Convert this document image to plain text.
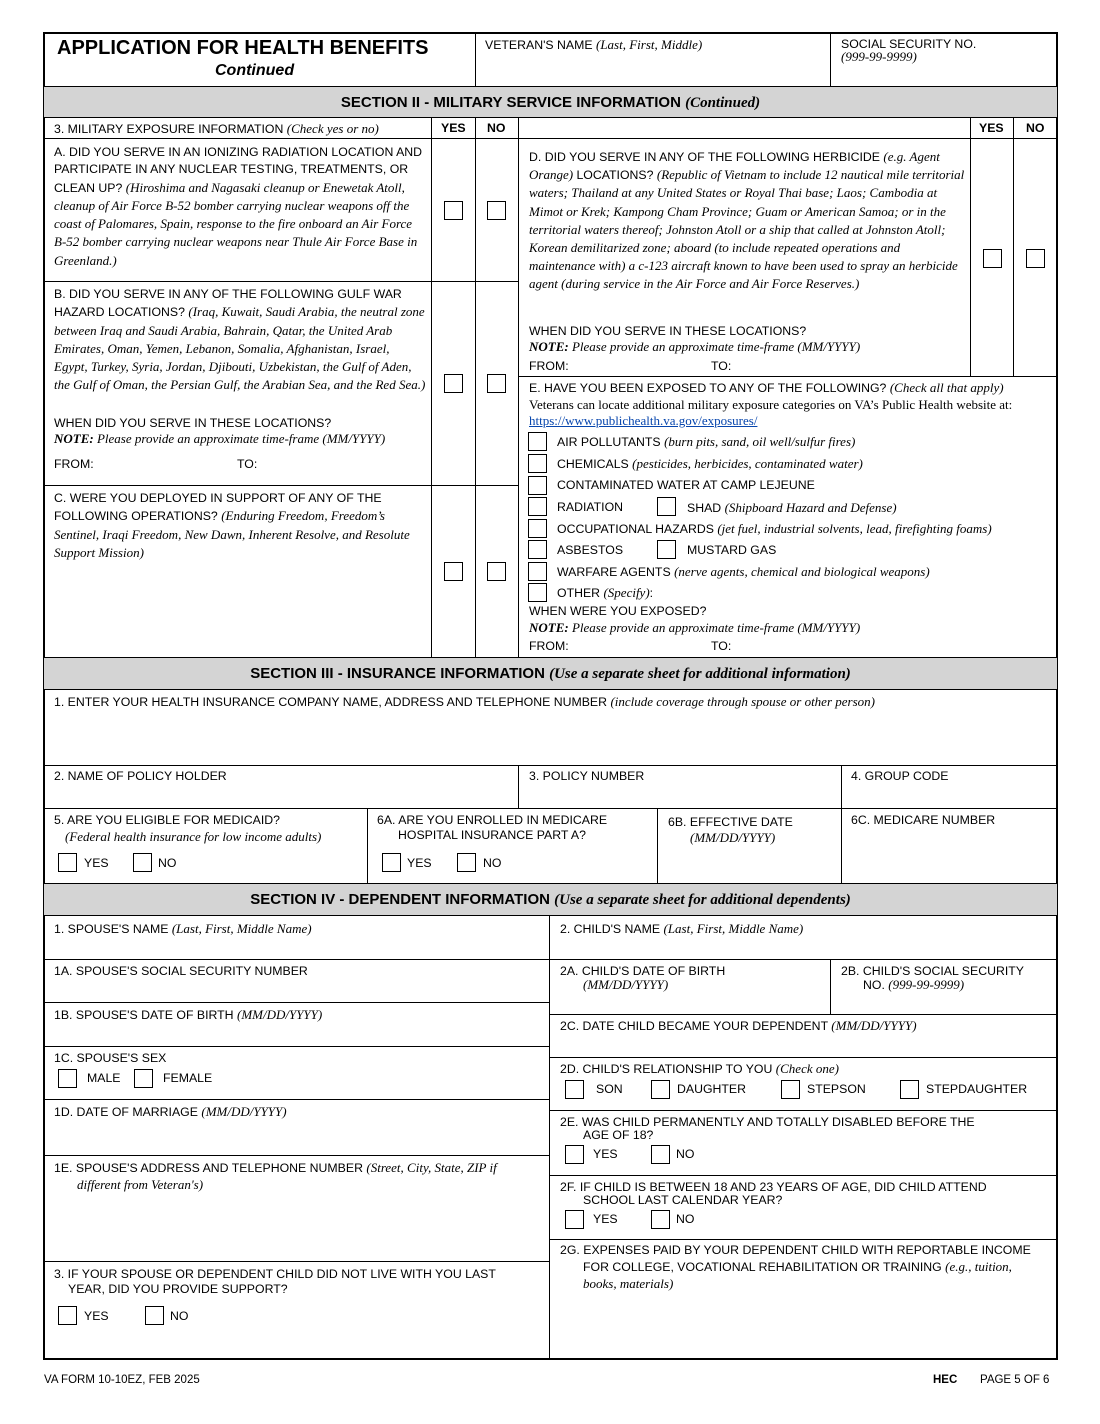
APPLICATION FOR HEALTH BENEFITS
Continued
VETERAN'S NAME (Last, First, Middle)	SOCIAL SECURITY NO.
(999-99-9999)
SECTION II - MILITARY SERVICE INFORMATION (Continued)
3. MILITARY EXPOSURE INFORMATION (Check yes or no)	YES NO	YES NO
A. DID YOU SERVE IN AN IONIZING RADIATION LOCATION AND PARTICIPATE IN ANY NUCLEAR TESTING, TREATMENTS, OR CLEAN UP? (Hiroshima and Nagasaki cleanup or Enewetak Atoll, cleanup of Air Force B-52 bomber carrying nuclear weapons off the coast of Palomares, Spain, response to the fire onboard an Air Force B-52 bomber carrying nuclear weapons near Thule Air Force Base in Greenland.)
B. DID YOU SERVE IN ANY OF THE FOLLOWING GULF WAR HAZARD LOCATIONS? (Iraq, Kuwait, Saudi Arabia, the neutral zone between Iraq and Saudi Arabia, Bahrain, Qatar, the United Arab Emirates, Oman, Yemen, Lebanon, Somalia, Afghanistan, Israel, Egypt, Turkey, Syria, Jordan, Djibouti, Uzbekistan, the Gulf of Aden, the Gulf of Oman, the Persian Gulf, the Arabian Sea, and the Red Sea.)
WHEN DID YOU SERVE IN THESE LOCATIONS?
NOTE: Please provide an approximate time-frame (MM/YYYY)
FROM:	TO:
C. WERE YOU DEPLOYED IN SUPPORT OF ANY OF THE FOLLOWING OPERATIONS? (Enduring Freedom, Freedom’s Sentinel, Iraqi Freedom, New Dawn, Inherent Resolve, and Resolute Support Mission)
D. DID YOU SERVE IN ANY OF THE FOLLOWING HERBICIDE (e.g. Agent Orange) LOCATIONS? (Republic of Vietnam to include 12 nautical mile territorial waters; Thailand at any United States or Royal Thai base; Laos; Cambodia at Mimot or Krek; Kampong Cham Province; Guam or American Samoa; or in the territorial waters thereof; Johnston Atoll or a ship that called at Johnston Atoll; Korean demilitarized zone; aboard (to include repeated operations and maintenance with) a c-123 aircraft known to have been used to spray an herbicide agent (during service in the Air Force and Air Force Reserves.)
WHEN DID YOU SERVE IN THESE LOCATIONS?
NOTE: Please provide an approximate time-frame (MM/YYYY)
FROM:	TO:
E. HAVE YOU BEEN EXPOSED TO ANY OF THE FOLLOWING? (Check all that apply)
Veterans can locate additional military exposure categories on VA’s Public Health website at: https://www.publichealth.va.gov/exposures/
AIR POLLUTANTS (burn pits, sand, oil well/sulfur fires)
CHEMICALS (pesticides, herbicides, contaminated water)
CONTAMINATED WATER AT CAMP LEJEUNE
RADIATION	SHAD (Shipboard Hazard and Defense)
OCCUPATIONAL HAZARDS (jet fuel, industrial solvents, lead, firefighting foams)
ASBESTOS	MUSTARD GAS
WARFARE AGENTS (nerve agents, chemical and biological weapons)
OTHER (Specify):
WHEN WERE YOU EXPOSED?
NOTE: Please provide an approximate time-frame (MM/YYYY)
FROM:	TO:
SECTION III - INSURANCE INFORMATION (Use a separate sheet for additional information)
1. ENTER YOUR HEALTH INSURANCE COMPANY NAME, ADDRESS AND TELEPHONE NUMBER (include coverage through spouse or other person)
2. NAME OF POLICY HOLDER	3. POLICY NUMBER	4. GROUP CODE
5. ARE YOU ELIGIBLE FOR MEDICAID?
(Federal health insurance for low income adults)
YES	NO
6A. ARE YOU ENROLLED IN MEDICARE
HOSPITAL INSURANCE PART A?
YES	NO
6B. EFFECTIVE DATE
(MM/DD/YYYY)
6C. MEDICARE NUMBER
SECTION IV - DEPENDENT INFORMATION (Use a separate sheet for additional dependents)
1. SPOUSE'S NAME (Last, First, Middle Name)
1A. SPOUSE'S SOCIAL SECURITY NUMBER
1B. SPOUSE'S DATE OF BIRTH (MM/DD/YYYY)
1C. SPOUSE'S SEX
MALE	FEMALE
1D. DATE OF MARRIAGE (MM/DD/YYYY)
1E. SPOUSE'S ADDRESS AND TELEPHONE NUMBER (Street, City, State, ZIP if
different from Veteran's)
3. IF YOUR SPOUSE OR DEPENDENT CHILD DID NOT LIVE WITH YOU LAST
YEAR, DID YOU PROVIDE SUPPORT?
YES	NO
2. CHILD'S NAME (Last, First, Middle Name)
2A. CHILD'S DATE OF BIRTH
(MM/DD/YYYY)
2B. CHILD'S SOCIAL SECURITY
NO. (999-99-9999)
2C. DATE CHILD BECAME YOUR DEPENDENT (MM/DD/YYYY)
2D. CHILD'S RELATIONSHIP TO YOU (Check one)
SON	DAUGHTER	STEPSON	STEPDAUGHTER
2E. WAS CHILD PERMANENTLY AND TOTALLY DISABLED BEFORE THE
AGE OF 18?
YES	NO
2F. IF CHILD IS BETWEEN 18 AND 23 YEARS OF AGE, DID CHILD ATTEND
SCHOOL LAST CALENDAR YEAR?
YES	NO
2G. EXPENSES PAID BY YOUR DEPENDENT CHILD WITH REPORTABLE INCOME
FOR COLLEGE, VOCATIONAL REHABILITATION OR TRAINING (e.g., tuition,
books, materials)
VA FORM 10-10EZ, FEB 2025	HEC PAGE 5 OF 6
